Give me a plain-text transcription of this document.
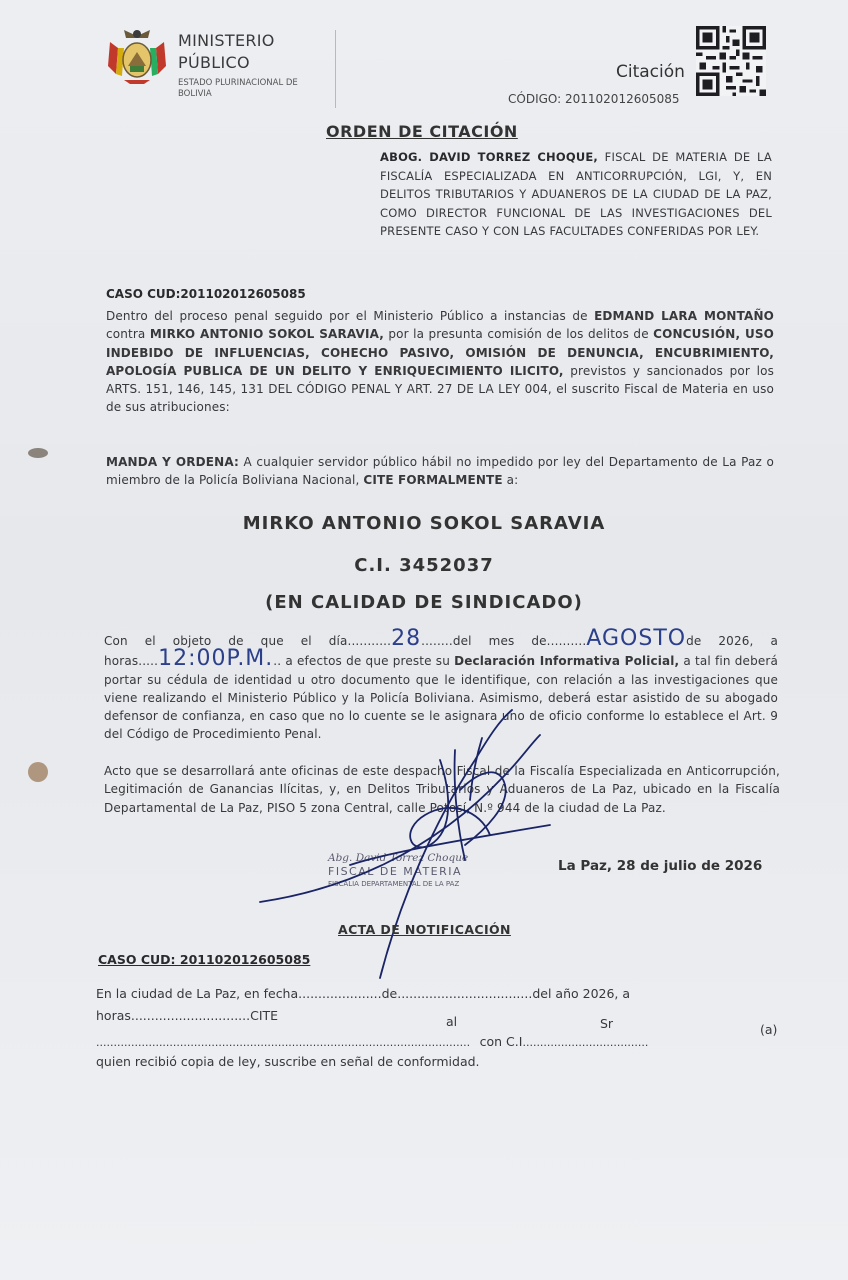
MINISTERIO
PÚBLICO
ESTADO PLURINACIONAL DE
BOLIVIA
Citación
CÓDIGO: 201102012605085
ORDEN DE CITACIÓN
ABOG. DAVID TORREZ CHOQUE, FISCAL DE MATERIA DE LA FISCALÍA ESPECIALIZADA EN ANTICORRUPCIÓN, LGI, Y, EN DELITOS TRIBUTARIOS Y ADUANEROS DE LA CIUDAD DE LA PAZ, COMO DIRECTOR FUNCIONAL DE LAS INVESTIGACIONES DEL PRESENTE CASO Y CON LAS FACULTADES CONFERIDAS POR LEY.
CASO CUD:201102012605085
Dentro del proceso penal seguido por el Ministerio Público a instancias de EDMAND LARA MONTAÑO contra MIRKO ANTONIO SOKOL SARAVIA, por la presunta comisión de los delitos de CONCUSIÓN, USO INDEBIDO DE INFLUENCIAS, COHECHO PASIVO, OMISIÓN DE DENUNCIA, ENCUBRIMIENTO, APOLOGÍA PUBLICA DE UN DELITO Y ENRIQUECIMIENTO ILICITO, previstos y sancionados por los ARTS. 151, 146, 145, 131 DEL CÓDIGO PENAL Y ART. 27 DE LA LEY 004, el suscrito Fiscal de Materia en uso de sus atribuciones:
MANDA Y ORDENA: A cualquier servidor público hábil no impedido por ley del Departamento de La Paz o miembro de la Policía Boliviana Nacional, CITE FORMALMENTE a:
MIRKO ANTONIO SOKOL SARAVIA
C.I. 3452037
(EN CALIDAD DE SINDICADO)
Con el objeto de que el día...........28........del mes de..........AGOSTOde 2026, a horas.....12:00P.M... a efectos de que preste su Declaración Informativa Policial, a tal fin deberá portar su cédula de identidad u otro documento que le identifique, con relación a las investigaciones que viene realizando el Ministerio Público y la Policía Boliviana. Asimismo, deberá estar asistido de su abogado defensor de confianza, en caso que no lo cuente se le asignara uno de oficio conforme lo establece el Art. 9 del Código de Procedimiento Penal.
Acto que se desarrollará ante oficinas de este despacho Fiscal de la Fiscalía Especializada en Anticorrupción, Legitimación de Ganancias Ilícitas, y, en Delitos Tributarios y Aduaneros de La Paz, ubicado en la Fiscalía Departamental de La Paz, PISO 5 zona Central, calle Potosí, N.º 944 de la ciudad de La Paz.
Abg. David Torrez Choque
FISCAL DE MATERIA
FISCALIA DEPARTAMENTAL DE LA PAZ
La Paz, 28 de julio de 2026
ACTA DE NOTIFICACIÓN
CASO CUD: 201102012605085
En la ciudad de La Paz, en fecha.....................de..................................del año 2026, a
horas..............................CITE	al	Sr	(a)
........................................................................................................... con C.I....................................
quien recibió copia de ley, suscribe en señal de conformidad.
